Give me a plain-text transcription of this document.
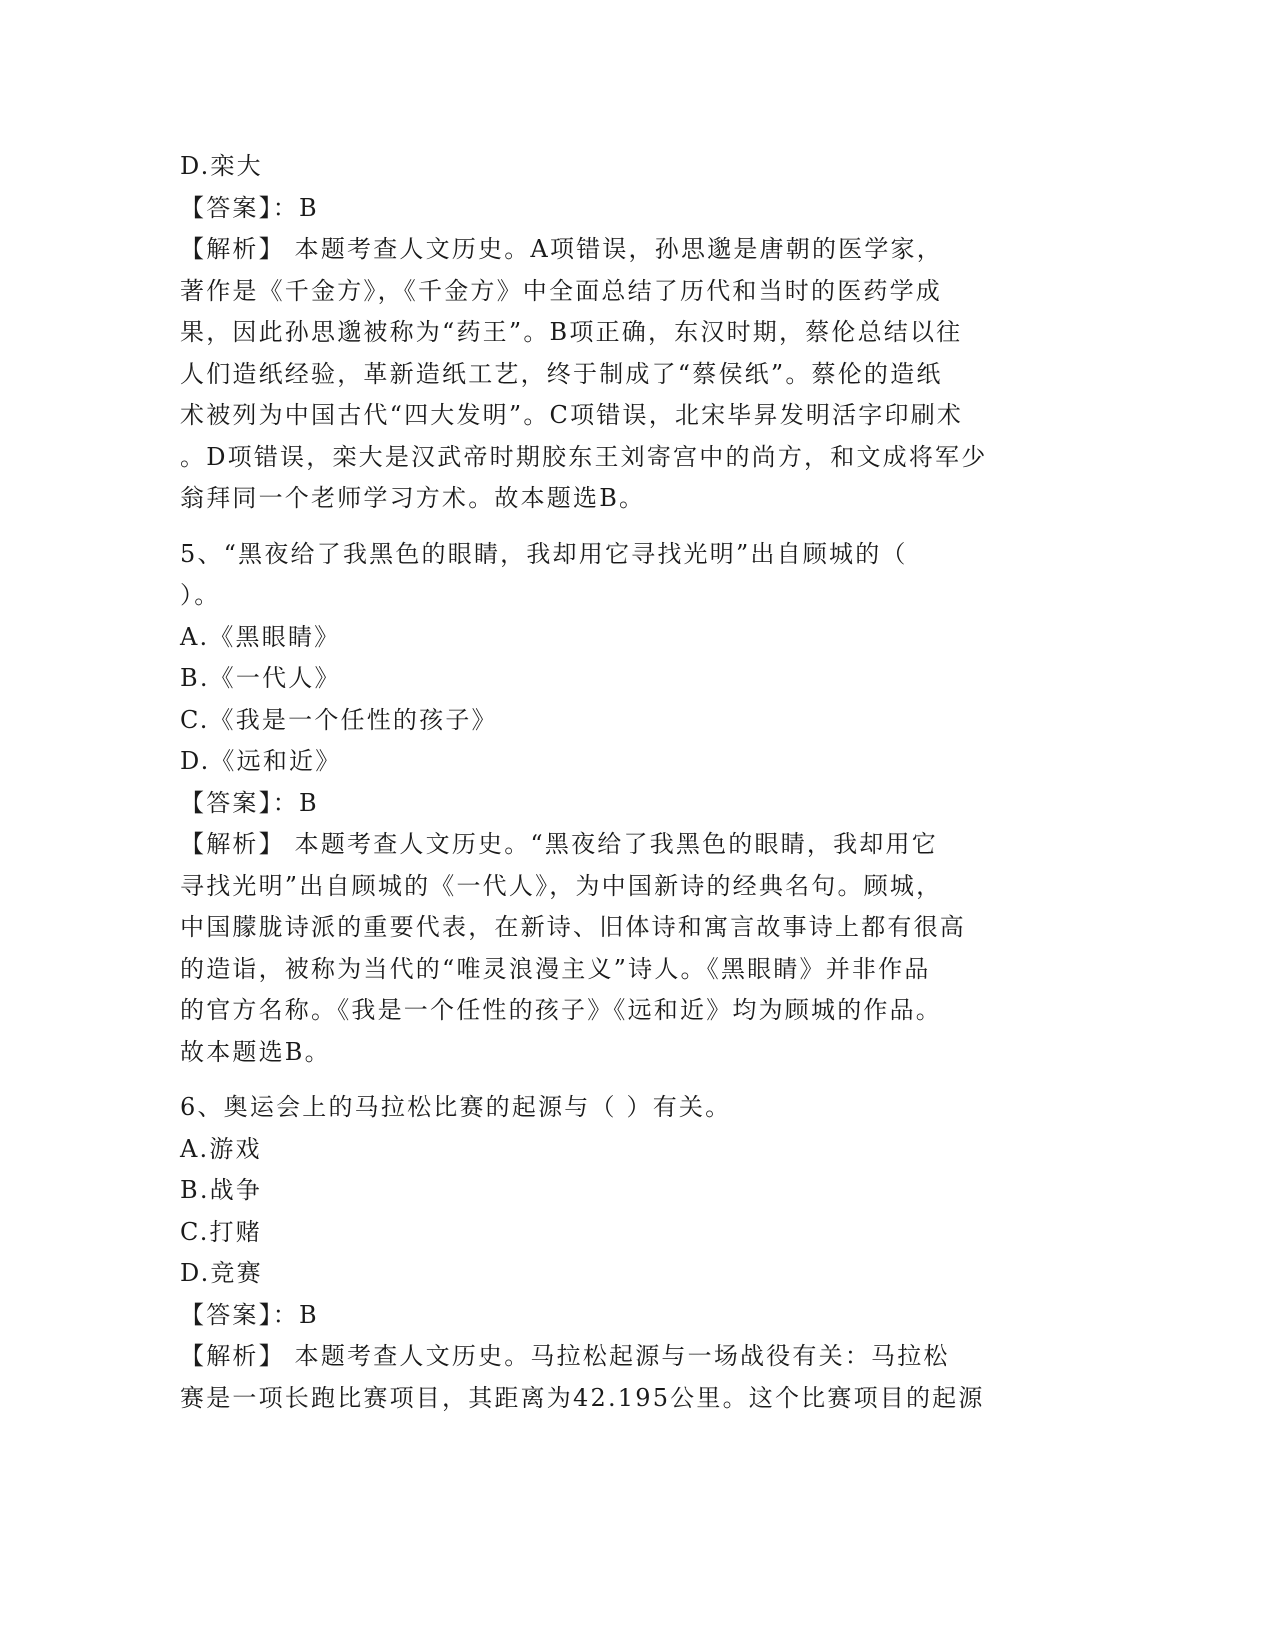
D.栾大
【答案】：B
【解析】 本题考查人文历史。A项错误，孙思邈是唐朝的医学家，
著作是《千金方》，《千金方》中全面总结了历代和当时的医药学成
果，因此孙思邈被称为“药王”。B项正确，东汉时期，蔡伦总结以往
人们造纸经验，革新造纸工艺，终于制成了“蔡侯纸”。蔡伦的造纸
术被列为中国古代“四大发明”。C项错误，北宋毕昇发明活字印刷术
。D项错误，栾大是汉武帝时期胶东王刘寄宫中的尚方，和文成将军少
翁拜同一个老师学习方术。故本题选B。
5、“黑夜给了我黑色的眼睛，我却用它寻找光明”出自顾城的（
）。
A.《黑眼睛》
B.《一代人》
C.《我是一个任性的孩子》
D.《远和近》
【答案】：B
【解析】 本题考查人文历史。“黑夜给了我黑色的眼睛，我却用它
寻找光明”出自顾城的《一代人》，为中国新诗的经典名句。顾城，
中国朦胧诗派的重要代表，在新诗、旧体诗和寓言故事诗上都有很高
的造诣，被称为当代的“唯灵浪漫主义”诗人。《黑眼睛》并非作品
的官方名称。《我是一个任性的孩子》《远和近》均为顾城的作品。
故本题选B。
6、奥运会上的马拉松比赛的起源与（ ）有关。
A.游戏
B.战争
C.打赌
D.竞赛
【答案】：B
【解析】 本题考查人文历史。马拉松起源与一场战役有关：马拉松
赛是一项长跑比赛项目，其距离为42.195公里。这个比赛项目的起源
